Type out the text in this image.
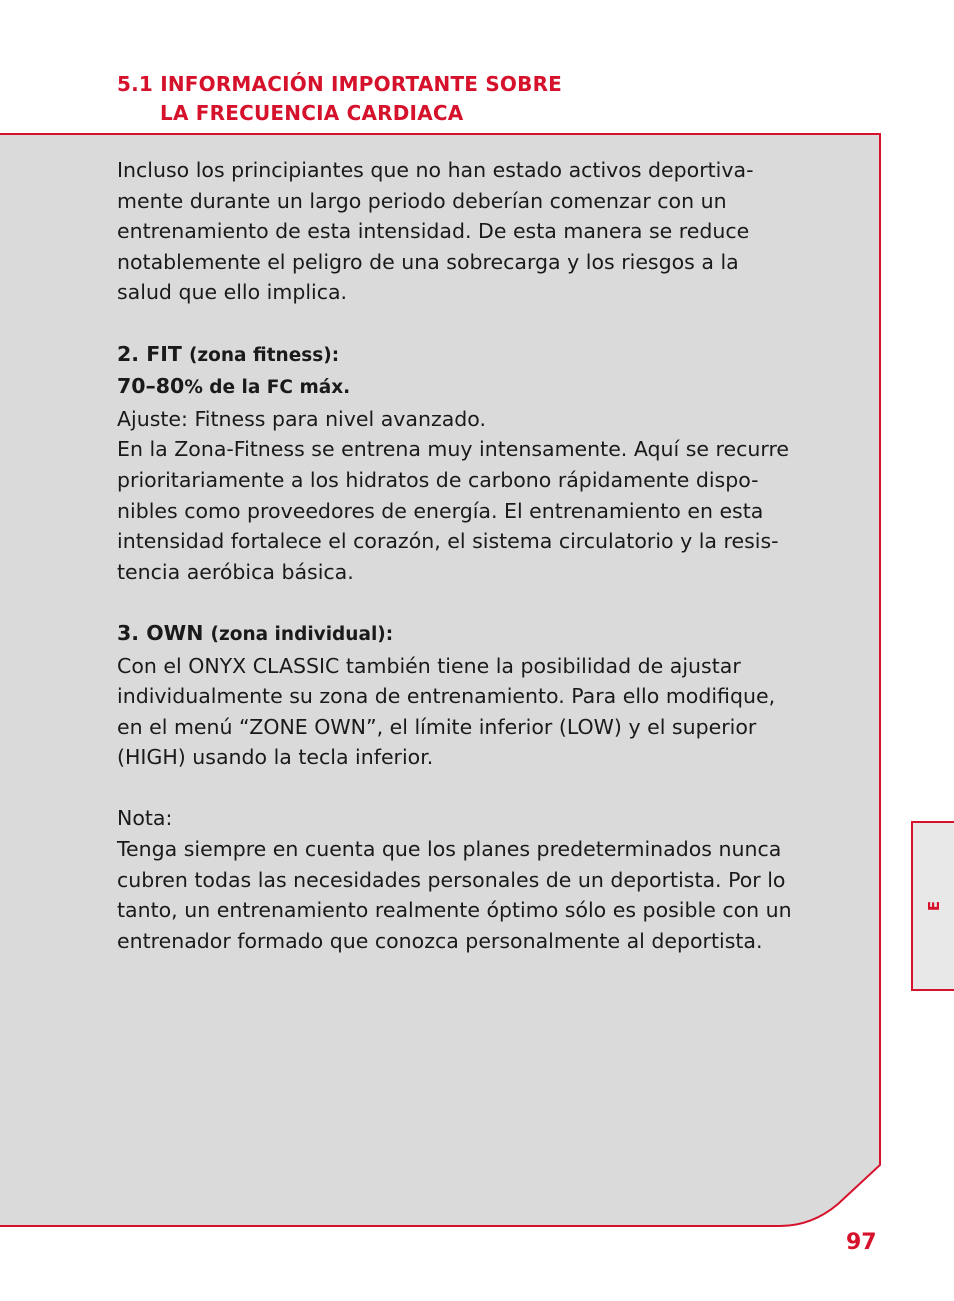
5.1 INFORMACIÓN IMPORTANTE SOBRE
LA FRECUENCIA CARDIACA

Incluso los principiantes que no han estado activos deportiva-
mente durante un largo periodo deberían comenzar con un
entrenamiento de esta intensidad. De esta manera se reduce
notablemente el peligro de una sobrecarga y los riesgos a la
salud que ello implica.

2. FIT (zona fitness):
70–80% de la FC máx.
Ajuste: Fitness para nivel avanzado.
En la Zona-Fitness se entrena muy intensamente. Aquí se recurre
prioritariamente a los hidratos de carbono rápidamente dispo-
nibles como proveedores de energía. El entrenamiento en esta
intensidad fortalece el corazón, el sistema circulatorio y la resis-
tencia aeróbica básica.

3. OWN (zona individual):
Con el ONYX CLASSIC también tiene la posibilidad de ajustar
individualmente su zona de entrenamiento. Para ello modifique,
en el menú “ZONE OWN”, el límite inferior (LOW) y el superior
(HIGH) usando la tecla inferior.

Nota:
Tenga siempre en cuenta que los planes predeterminados nunca
cubren todas las necesidades personales de un deportista. Por lo
tanto, un entrenamiento realmente óptimo sólo es posible con un
entrenador formado que conozca personalmente al deportista.

E
97
